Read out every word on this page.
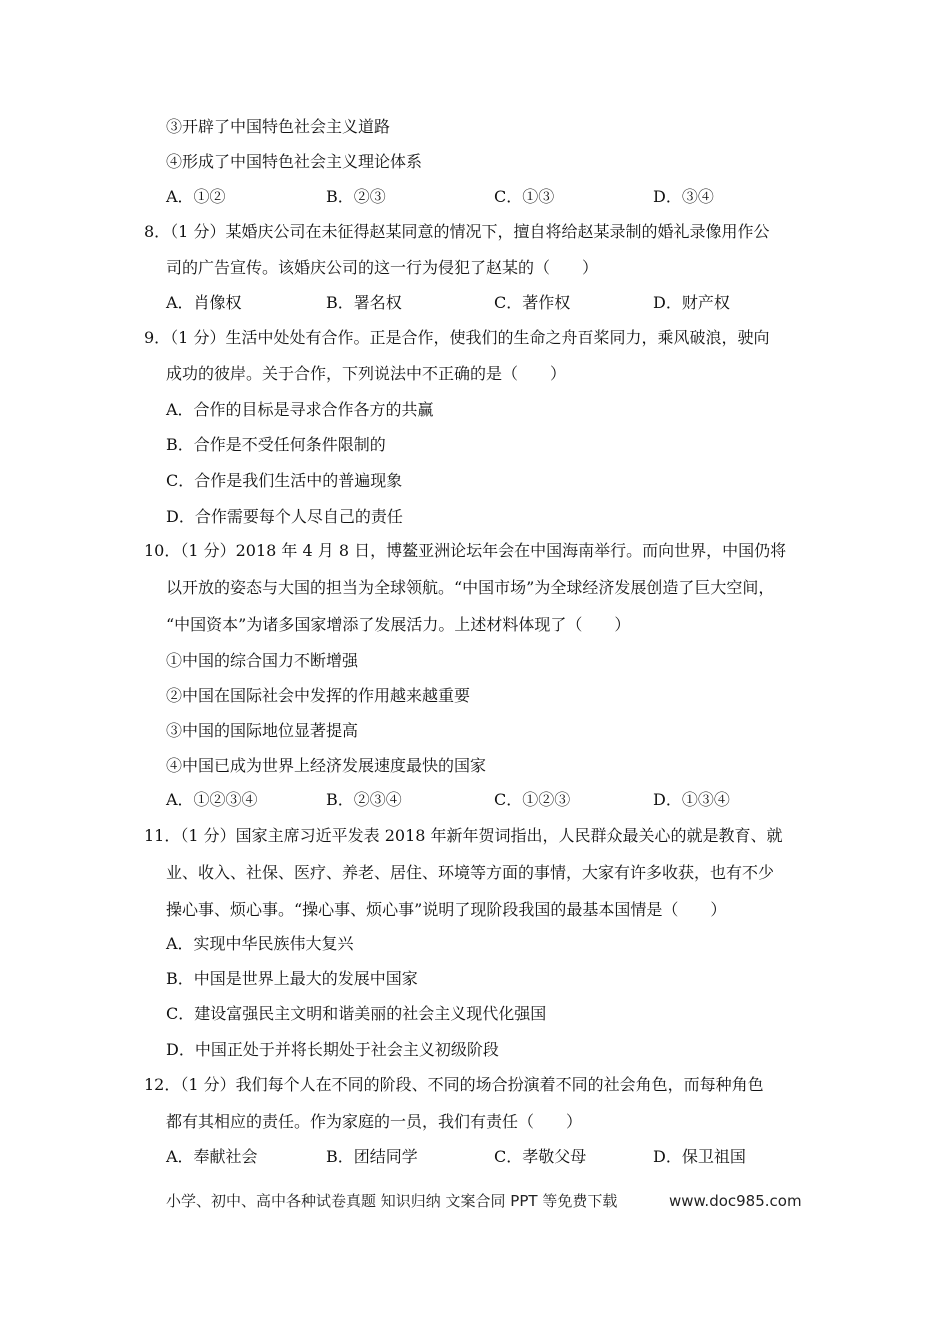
③开辟了中国特色社会主义道路
④形成了中国特色社会主义理论体系
A．①②	B．②③	C．①③	D．③④
8．（1 分）某婚庆公司在未征得赵某同意的情况下，擅自将给赵某录制的婚礼录像用作公
司的广告宣传。该婚庆公司的这一行为侵犯了赵某的（　　）
A．肖像权	B．署名权	C．著作权	D．财产权
9．（1 分）生活中处处有合作。正是合作，使我们的生命之舟百桨同力，乘风破浪，驶向
成功的彼岸。关于合作，下列说法中不正确的是（　　）
A．合作的目标是寻求合作各方的共赢
B．合作是不受任何条件限制的
C．合作是我们生活中的普遍现象
D．合作需要每个人尽自己的责任
10．（1 分）2018 年 4 月 8 日，博鳌亚洲论坛年会在中国海南举行。而向世界，中国仍将
以开放的姿态与大国的担当为全球领航。“中国市场”为全球经济发展创造了巨大空间，
“中国资本”为诸多国家增添了发展活力。上述材料体现了（　　）
①中国的综合国力不断增强
②中国在国际社会中发挥的作用越来越重要
③中国的国际地位显著提高
④中国已成为世界上经济发展速度最快的国家
A．①②③④	B．②③④	C．①②③	D．①③④
11．（1 分）国家主席习近平发表 2018 年新年贺词指出，人民群众最关心的就是教育、就
业、收入、社保、医疗、养老、居住、环境等方面的事情，大家有许多收获，也有不少
操心事、烦心事。“操心事、烦心事”说明了现阶段我国的最基本国情是（　　）
A．实现中华民族伟大复兴
B．中国是世界上最大的发展中国家
C．建设富强民主文明和谐美丽的社会主义现代化强国
D．中国正处于并将长期处于社会主义初级阶段
12．（1 分）我们每个人在不同的阶段、不同的场合扮演着不同的社会角色，而每种角色
都有其相应的责任。作为家庭的一员，我们有责任（　　）
A．奉献社会	B．团结同学	C．孝敬父母	D．保卫祖国
小学、初中、高中各种试卷真题 知识归纳 文案合同 PPT 等免费下载	www.doc985.com
